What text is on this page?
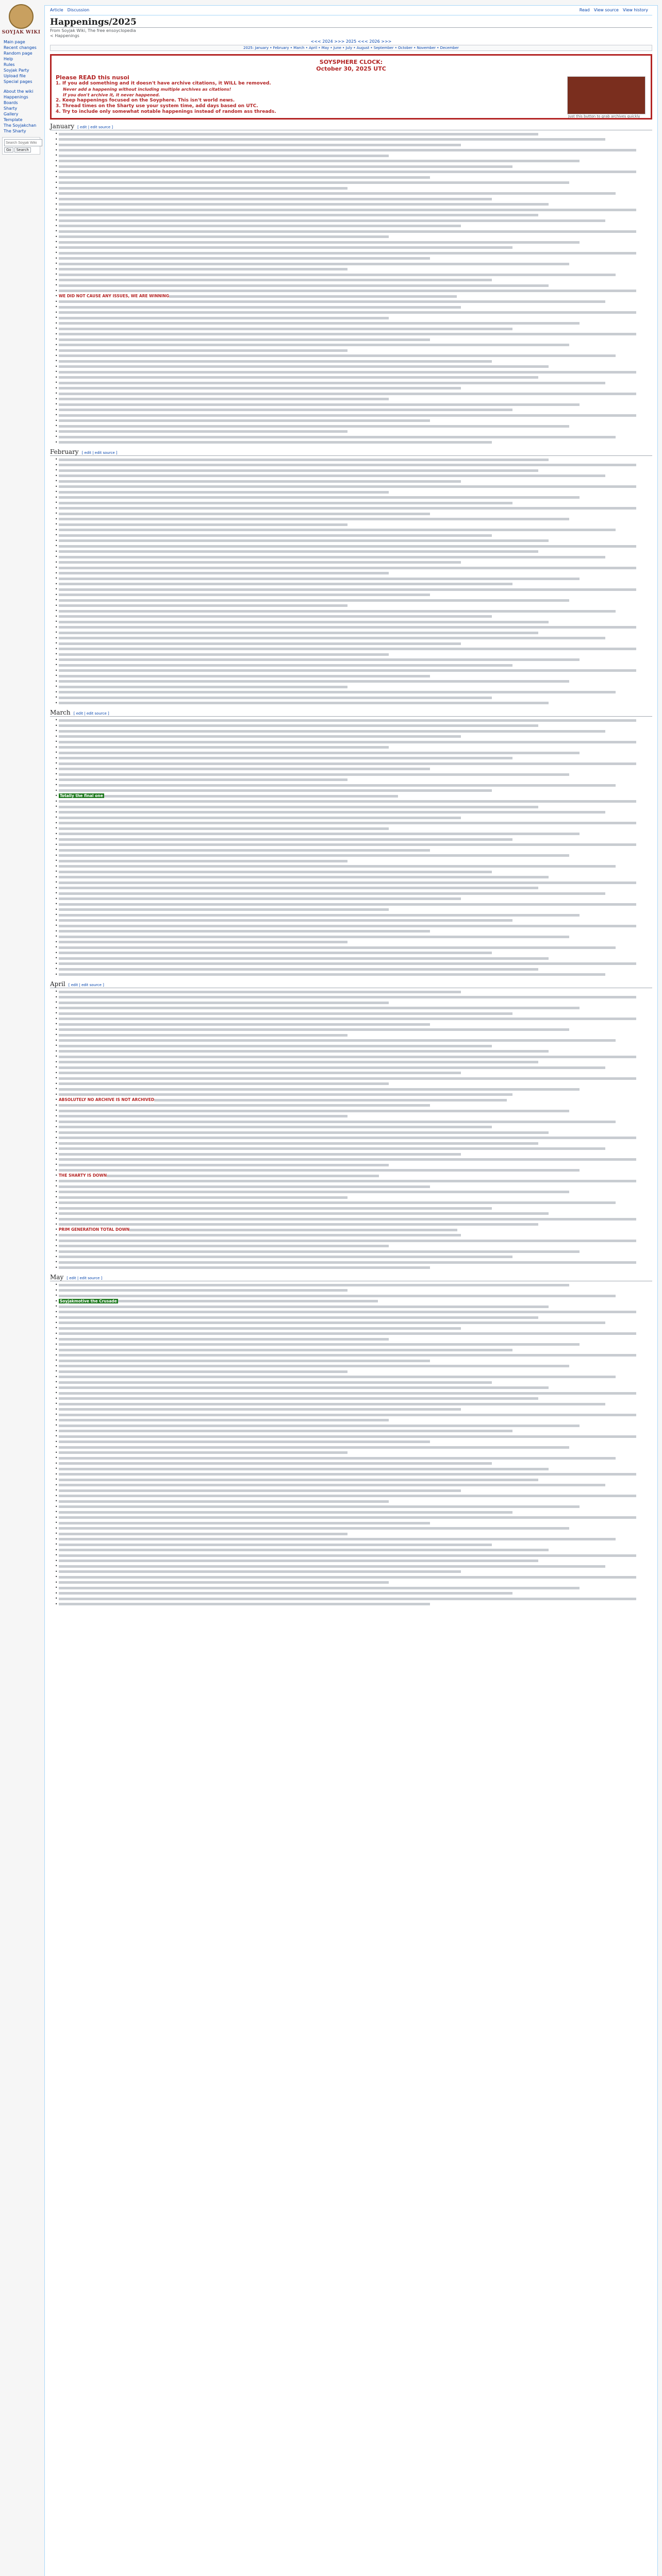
SOYJAK WIKI
Main page
Recent changes
Random page
Help
Rules
Soyjak Party
Upload file
Special pages
About the wiki
Happenings
Boards
Sharty
Gallery
Template
The Soyjakchan
The Sharty
Search Soyjak Wiki
Go	Search
Article Discussion	Read View source View history
Happenings/2025
From Soyjak Wiki, The free ensoyclopedia
< Happenings
<<< 2024 >>> 2025 <<< 2026 >>>
2025: January • February • March • April • May • June • July • August • September • October • November • December
SOYSPHERE CLOCK:
October 30, 2025 UTC
Please READ this nusoi
1. If you add something and it doesn't have archive citations, it WILL be removed.
Never add a happening without including multiple archives as citations!
If you don't archive it, it never happened.
2. Keep happenings focused on the Soyphere. This isn't world news.
3. Thread times on the Sharty use your system time, add days based on UTC.
4. Try to include only somewhat notable happenings instead of random ass threads.
Just this button to grab archives quickly
January [ edit | edit source ]
•
•
•
•
•
•
•
•
•
•
•
•
•
•
•
•
•
•
•
•
•
•
•
•
•
•
•
•
•
•
• WE DID NOT CAUSE ANY ISSUES, WE ARE WINNING
•
•
•
•
•
•
•
•
•
•
•
•
•
•
•
•
•
•
•
•
•
•
•
•
•
•
•
February [ edit | edit source ]
•
•
•
•
•
•
•
•
•
•
•
•
•
•
•
•
•
•
•
•
•
•
•
•
•
•
•
•
•
•
•
•
•
•
•
•
•
•
•
•
•
•
•
•
•
•
March [ edit | edit source ]
•
•
•
•
•
•
•
•
•
•
•
•
•
•
• Totally the final one
•
•
•
•
•
•
•
•
•
•
•
•
•
•
•
•
•
•
•
•
•
•
•
•
•
•
•
•
•
•
•
•
•
April [ edit | edit source ]
•
•
•
•
•
•
•
•
•
•
•
•
•
•
•
•
•
•
•
•
• ABSOLUTELY NO ARCHIVE IS NOT ARCHIVED
•
•
•
•
•
•
•
•
•
•
•
•
•
• THE SHARTY IS DOWN
•
•
•
•
•
•
•
•
•
• PRIM GENERATION TOTAL DOWN
•
•
•
•
•
•
•
May [ edit | edit source ]
•
•
•
• Soyjakmotive the Crusade
•
•
•
•
•
•
•
•
•
•
•
•
•
•
•
•
•
•
•
•
•
•
•
•
•
•
•
•
•
•
•
•
•
•
•
•
•
•
•
•
•
•
•
•
•
•
•
•
•
•
•
•
•
•
•
•
